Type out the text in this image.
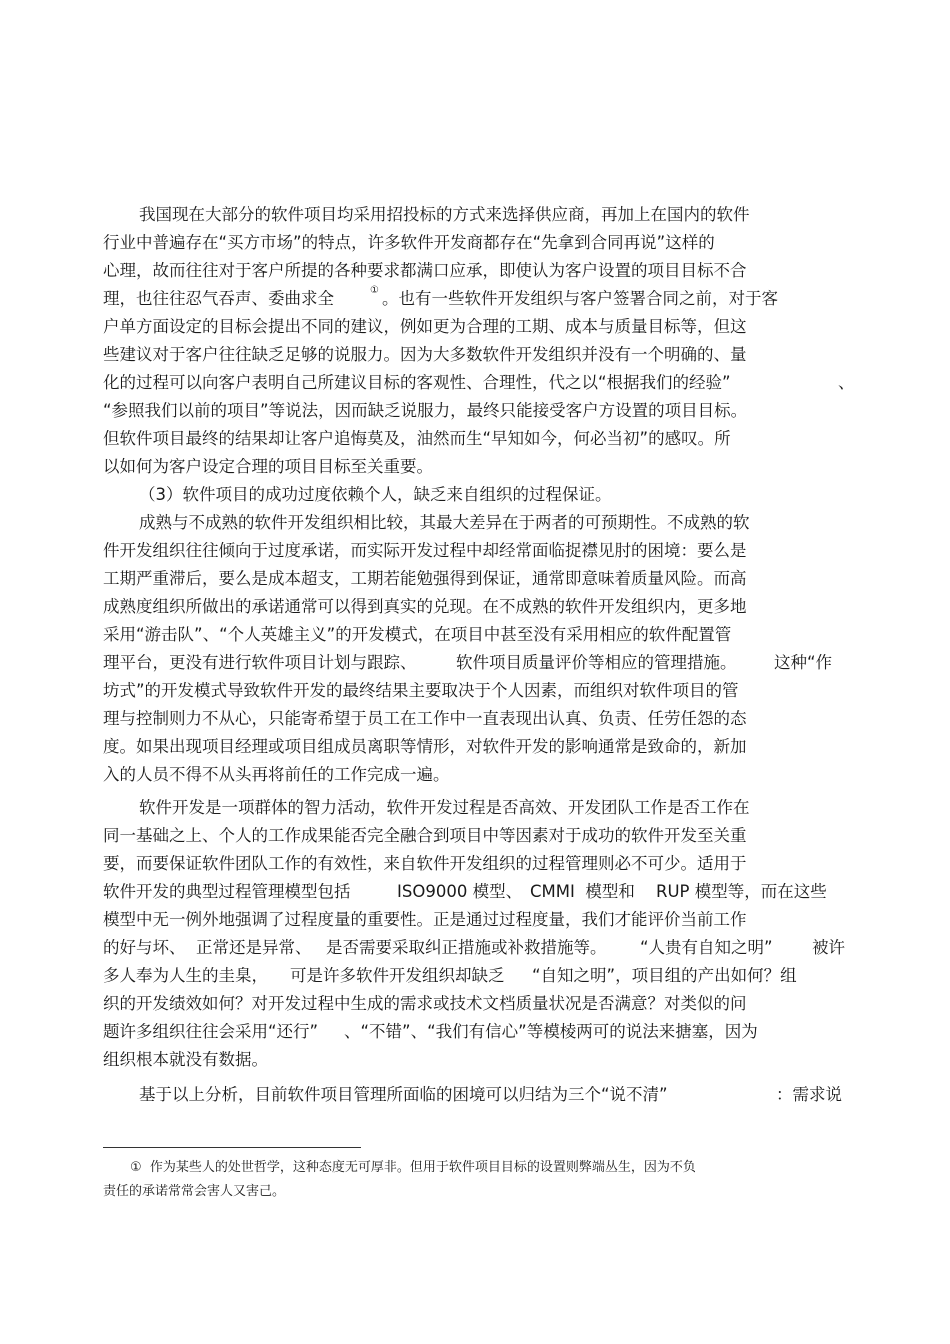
我国现在大部分的软件项目均采用招投标的方式来选择供应商，再加上在国内的软件
行业中普遍存在“买方市场”的特点，许多软件开发商都存在“先拿到合同再说”这样的
心理，故而往往对于客户所提的各种要求都满口应承，即使认为客户设置的项目目标不合
理，也往往忍气吞声、委曲求全	① 。也有一些软件开发组织与客户签署合同之前，对于客
户单方面设定的目标会提出不同的建议，例如更为合理的工期、成本与质量目标等，但这
些建议对于客户往往缺乏足够的说服力。因为大多数软件开发组织并没有一个明确的、量
化的过程可以向客户表明自己所建议目标的客观性、合理性，代之以“根据我们的经验”	、
“参照我们以前的项目”等说法，因而缺乏说服力，最终只能接受客户方设置的项目目标。
但软件项目最终的结果却让客户追悔莫及，油然而生“早知如今，何必当初”的感叹。所
以如何为客户设定合理的项目目标至关重要。
（3）软件项目的成功过度依赖个人，缺乏来自组织的过程保证。
成熟与不成熟的软件开发组织相比较，其最大差异在于两者的可预期性。不成熟的软
件开发组织往往倾向于过度承诺，而实际开发过程中却经常面临捉襟见肘的困境：要么是
工期严重滞后，要么是成本超支，工期若能勉强得到保证，通常即意味着质量风险。而高
成熟度组织所做出的承诺通常可以得到真实的兑现。在不成熟的软件开发组织内，更多地
采用“游击队”、“个人英雄主义”的开发模式，在项目中甚至没有采用相应的软件配置管
理平台，更没有进行软件项目计划与跟踪、 软件项目质量评价等相应的管理措施。 这种“作
坊式”的开发模式导致软件开发的最终结果主要取决于个人因素，而组织对软件项目的管
理与控制则力不从心，只能寄希望于员工在工作中一直表现出认真、负责、任劳任怨的态
度。如果出现项目经理或项目组成员离职等情形，对软件开发的影响通常是致命的，新加
入的人员不得不从头再将前任的工作完成一遍。
软件开发是一项群体的智力活动，软件开发过程是否高效、开发团队工作是否工作在
同一基础之上、个人的工作成果能否完全融合到项目中等因素对于成功的软件开发至关重
要，而要保证软件团队工作的有效性，来自软件开发组织的过程管理则必不可少。适用于
软件开发的典型过程管理模型包括	ISO9000 模型、 CMMI  模型和 RUP 模型等，而在这些
模型中无一例外地强调了过程度量的重要性。正是通过过程度量，我们才能评价当前工作
的好与坏、 正常还是异常、 是否需要采取纠正措施或补救措施等。 “人贵有自知之明” 被许
多人奉为人生的圭臬， 可是许多软件开发组织却缺乏 “自知之明”，项目组的产出如何？组
织的开发绩效如何？对开发过程中生成的需求或技术文档质量状况是否满意？对类似的问
题许多组织往往会采用“还行” 、“不错”、“我们有信心”等模棱两可的说法来搪塞，因为
组织根本就没有数据。
基于以上分析，目前软件项目管理所面临的困境可以归结为三个“说不清”	：需求说
①  作为某些人的处世哲学，这种态度无可厚非。但用于软件项目目标的设置则弊端丛生，因为不负
责任的承诺常常会害人又害己。
